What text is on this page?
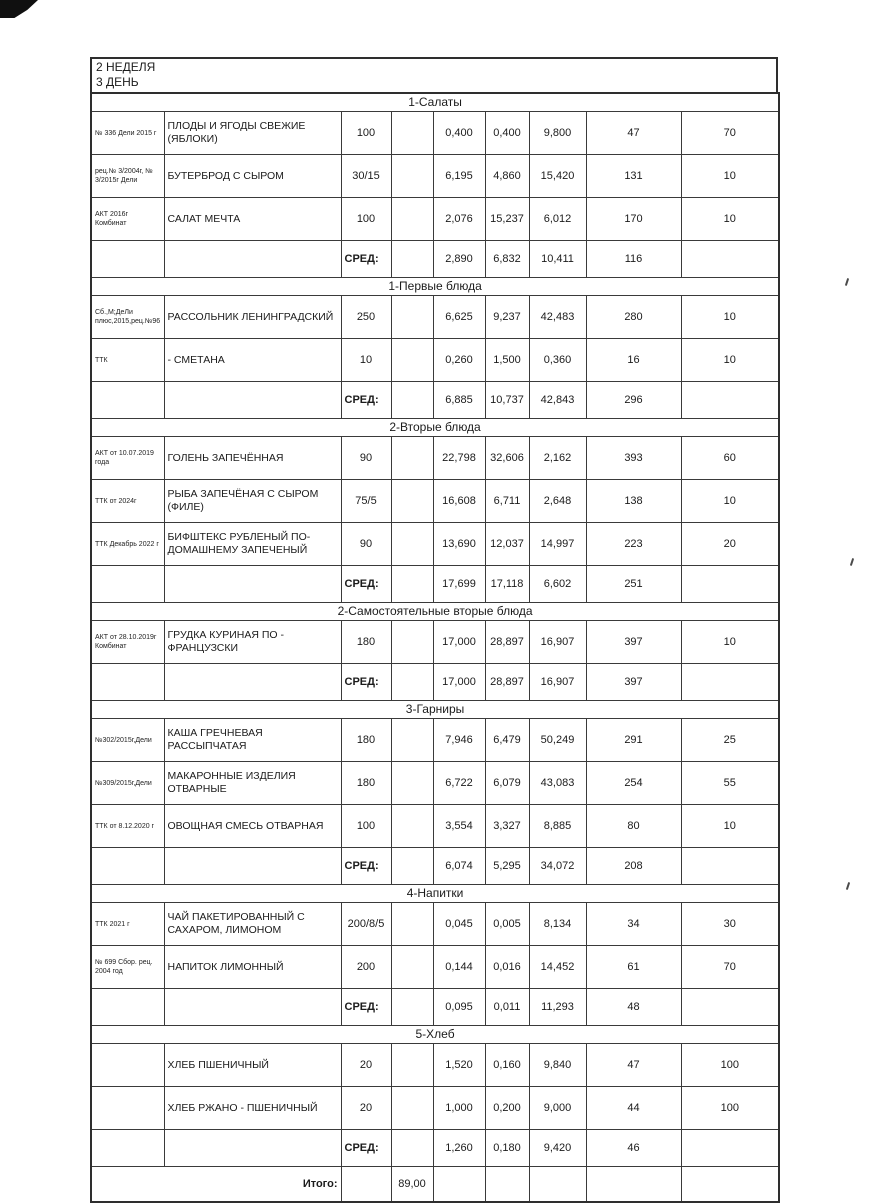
2 НЕДЕЛЯ
3 ДЕНЬ
1-Салаты								
№ 336 Дели 2015 г	ПЛОДЫ И ЯГОДЫ СВЕЖИЕ (ЯБЛОКИ)	100		0,400	0,400	9,800	47	70
рец.№ 3/2004г, № 3/2015г Дели	БУТЕРБРОД С СЫРОМ	30/15		6,195	4,860	15,420	131	10
АКТ 2016г Комбинат	САЛАТ МЕЧТА	100		2,076	15,237	6,012	170	10
		СРЕД:		2,890	6,832	10,411	116	
1-Первые блюда								
Сб.,М;ДеЛи плюс,2015,рец.№96	РАССОЛЬНИК ЛЕНИНГРАДСКИЙ	250		6,625	9,237	42,483	280	10
ТТК	- СМЕТАНА	10		0,260	1,500	0,360	16	10
		СРЕД:		6,885	10,737	42,843	296	
2-Вторые блюда								
АКТ от 10.07.2019 года	ГОЛЕНЬ ЗАПЕЧЁННАЯ	90		22,798	32,606	2,162	393	60
ТТК от 2024г	РЫБА ЗАПЕЧЁНАЯ С СЫРОМ (ФИЛЕ)	75/5		16,608	6,711	2,648	138	10
ТТК Декабрь 2022 г	БИФШТЕКС РУБЛЕНЫЙ ПО-ДОМАШНЕМУ ЗАПЕЧЕНЫЙ	90		13,690	12,037	14,997	223	20
		СРЕД:		17,699	17,118	6,602	251	
2-Самостоятельные вторые блюда								
АКТ от 28.10.2019г Комбинат	ГРУДКА КУРИНАЯ ПО - ФРАНЦУЗСКИ	180		17,000	28,897	16,907	397	10
		СРЕД:		17,000	28,897	16,907	397	
3-Гарниры								
№302/2015г,Дели	КАША ГРЕЧНЕВАЯ РАССЫПЧАТАЯ	180		7,946	6,479	50,249	291	25
№309/2015г,Дели	МАКАРОННЫЕ ИЗДЕЛИЯ ОТВАРНЫЕ	180		6,722	6,079	43,083	254	55
ТТК от 8.12.2020 г	ОВОЩНАЯ СМЕСЬ ОТВАРНАЯ	100		3,554	3,327	8,885	80	10
		СРЕД:		6,074	5,295	34,072	208	
4-Напитки								
ТТК 2021 г	ЧАЙ ПАКЕТИРОВАННЫЙ С САХАРОМ, ЛИМОНОМ	200/8/5		0,045	0,005	8,134	34	30
№ 699 Сбор. рец. 2004 год	НАПИТОК ЛИМОННЫЙ	200		0,144	0,016	14,452	61	70
		СРЕД:		0,095	0,011	11,293	48	
5-Хлеб								
	ХЛЕБ ПШЕНИЧНЫЙ	20		1,520	0,160	9,840	47	100
	ХЛЕБ РЖАНО - ПШЕНИЧНЫЙ	20		1,000	0,200	9,000	44	100
		СРЕД:		1,260	0,180	9,420	46	
Итого:			89,00					
